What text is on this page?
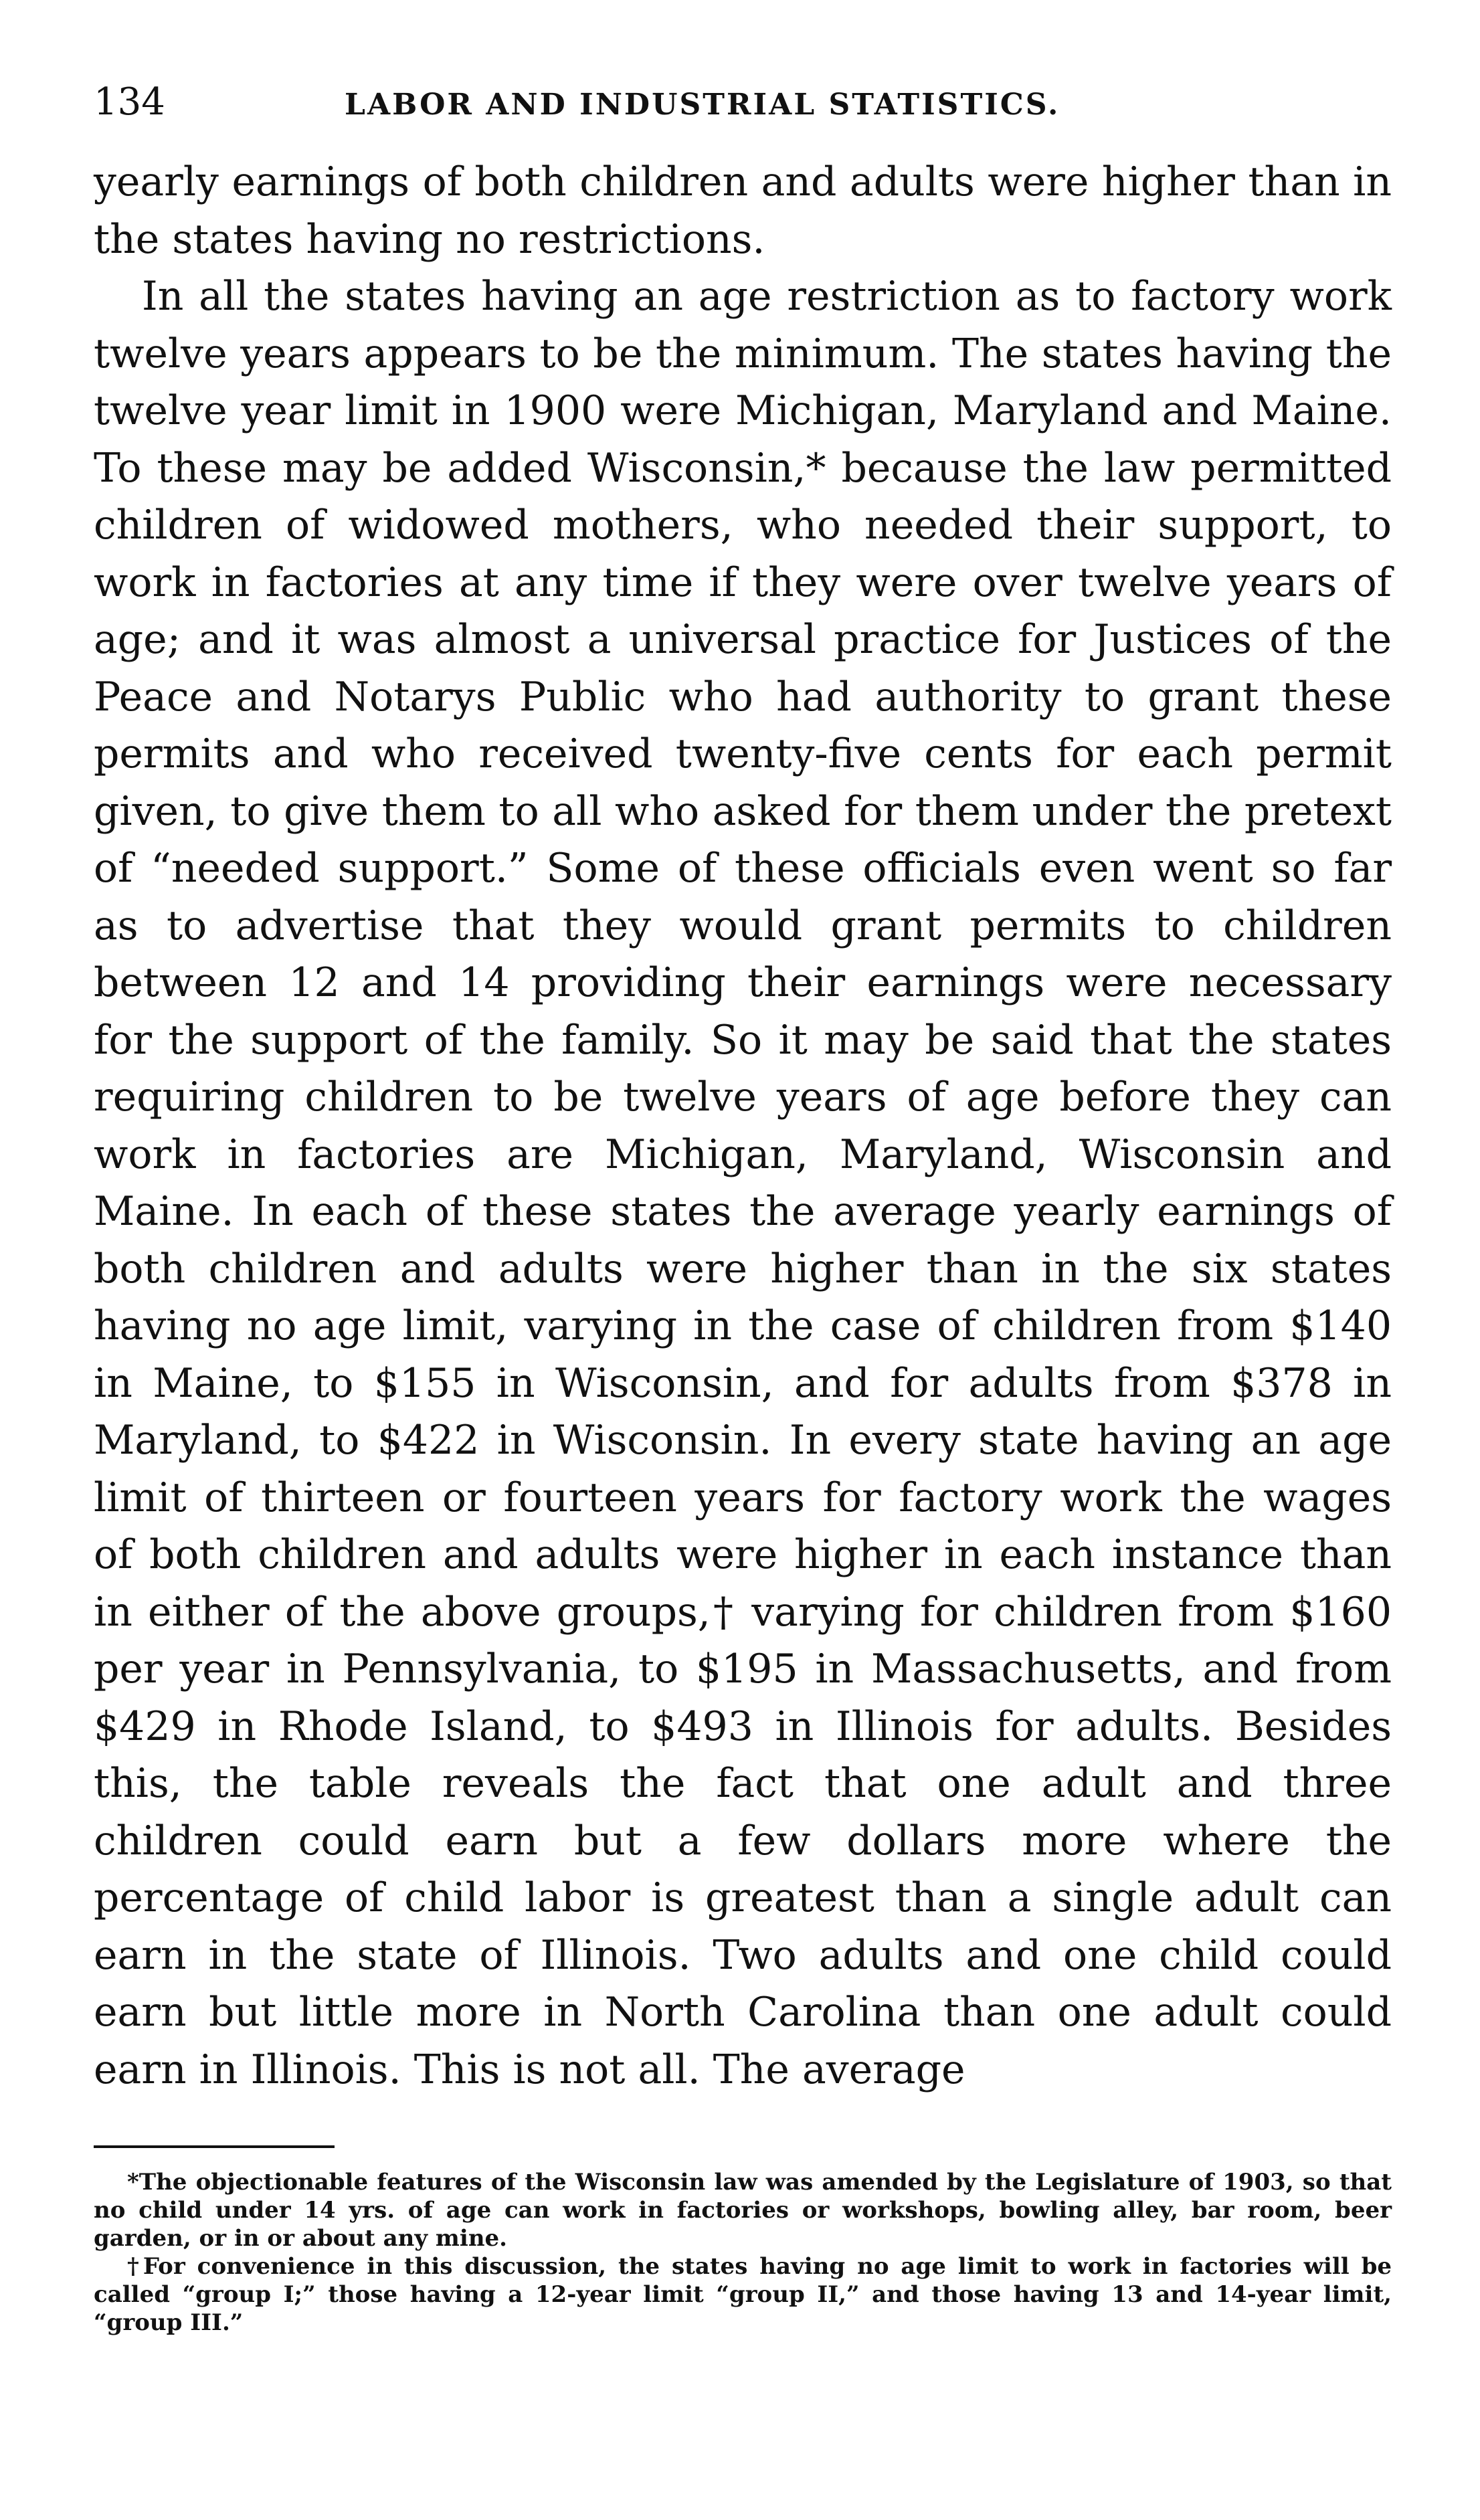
134	LABOR AND INDUSTRIAL STATISTICS.

yearly earnings of both children and adults were higher than in the states having no restrictions.

In all the states having an age restriction as to factory work twelve years appears to be the minimum. The states having the twelve year limit in 1900 were Michigan, Maryland and Maine. To these may be added Wisconsin,* because the law permitted children of widowed mothers, who needed their support, to work in factories at any time if they were over twelve years of age; and it was almost a universal practice for Justices of the Peace and Notarys Public who had authority to grant these permits and who received twenty-five cents for each permit given, to give them to all who asked for them under the pretext of “needed support.” Some of these officials even went so far as to advertise that they would grant permits to children between 12 and 14 providing their earnings were necessary for the support of the family. So it may be said that the states requiring children to be twelve years of age before they can work in factories are Michigan, Maryland, Wisconsin and Maine. In each of these states the average yearly earnings of both children and adults were higher than in the six states having no age limit, varying in the case of children from $140 in Maine, to $155 in Wisconsin, and for adults from $378 in Maryland, to $422 in Wisconsin. In every state having an age limit of thirteen or fourteen years for factory work the wages of both children and adults were higher in each instance than in either of the above groups,† varying for children from $160 per year in Pennsylvania, to $195 in Massachusetts, and from $429 in Rhode Island, to $493 in Illinois for adults. Besides this, the table reveals the fact that one adult and three children could earn but a few dollars more where the percentage of child labor is greatest than a single adult can earn in the state of Illinois. Two adults and one child could earn but little more in North Carolina than one adult could earn in Illinois. This is not all. The average

*The objectionable features of the Wisconsin law was amended by the Legislature of 1903, so that no child under 14 yrs. of age can work in factories or workshops, bowling alley, bar room, beer garden, or in or about any mine.

†For convenience in this discussion, the states having no age limit to work in factories will be called “group I;” those having a 12-year limit “group II,” and those having 13 and 14-year limit, “group III.”
